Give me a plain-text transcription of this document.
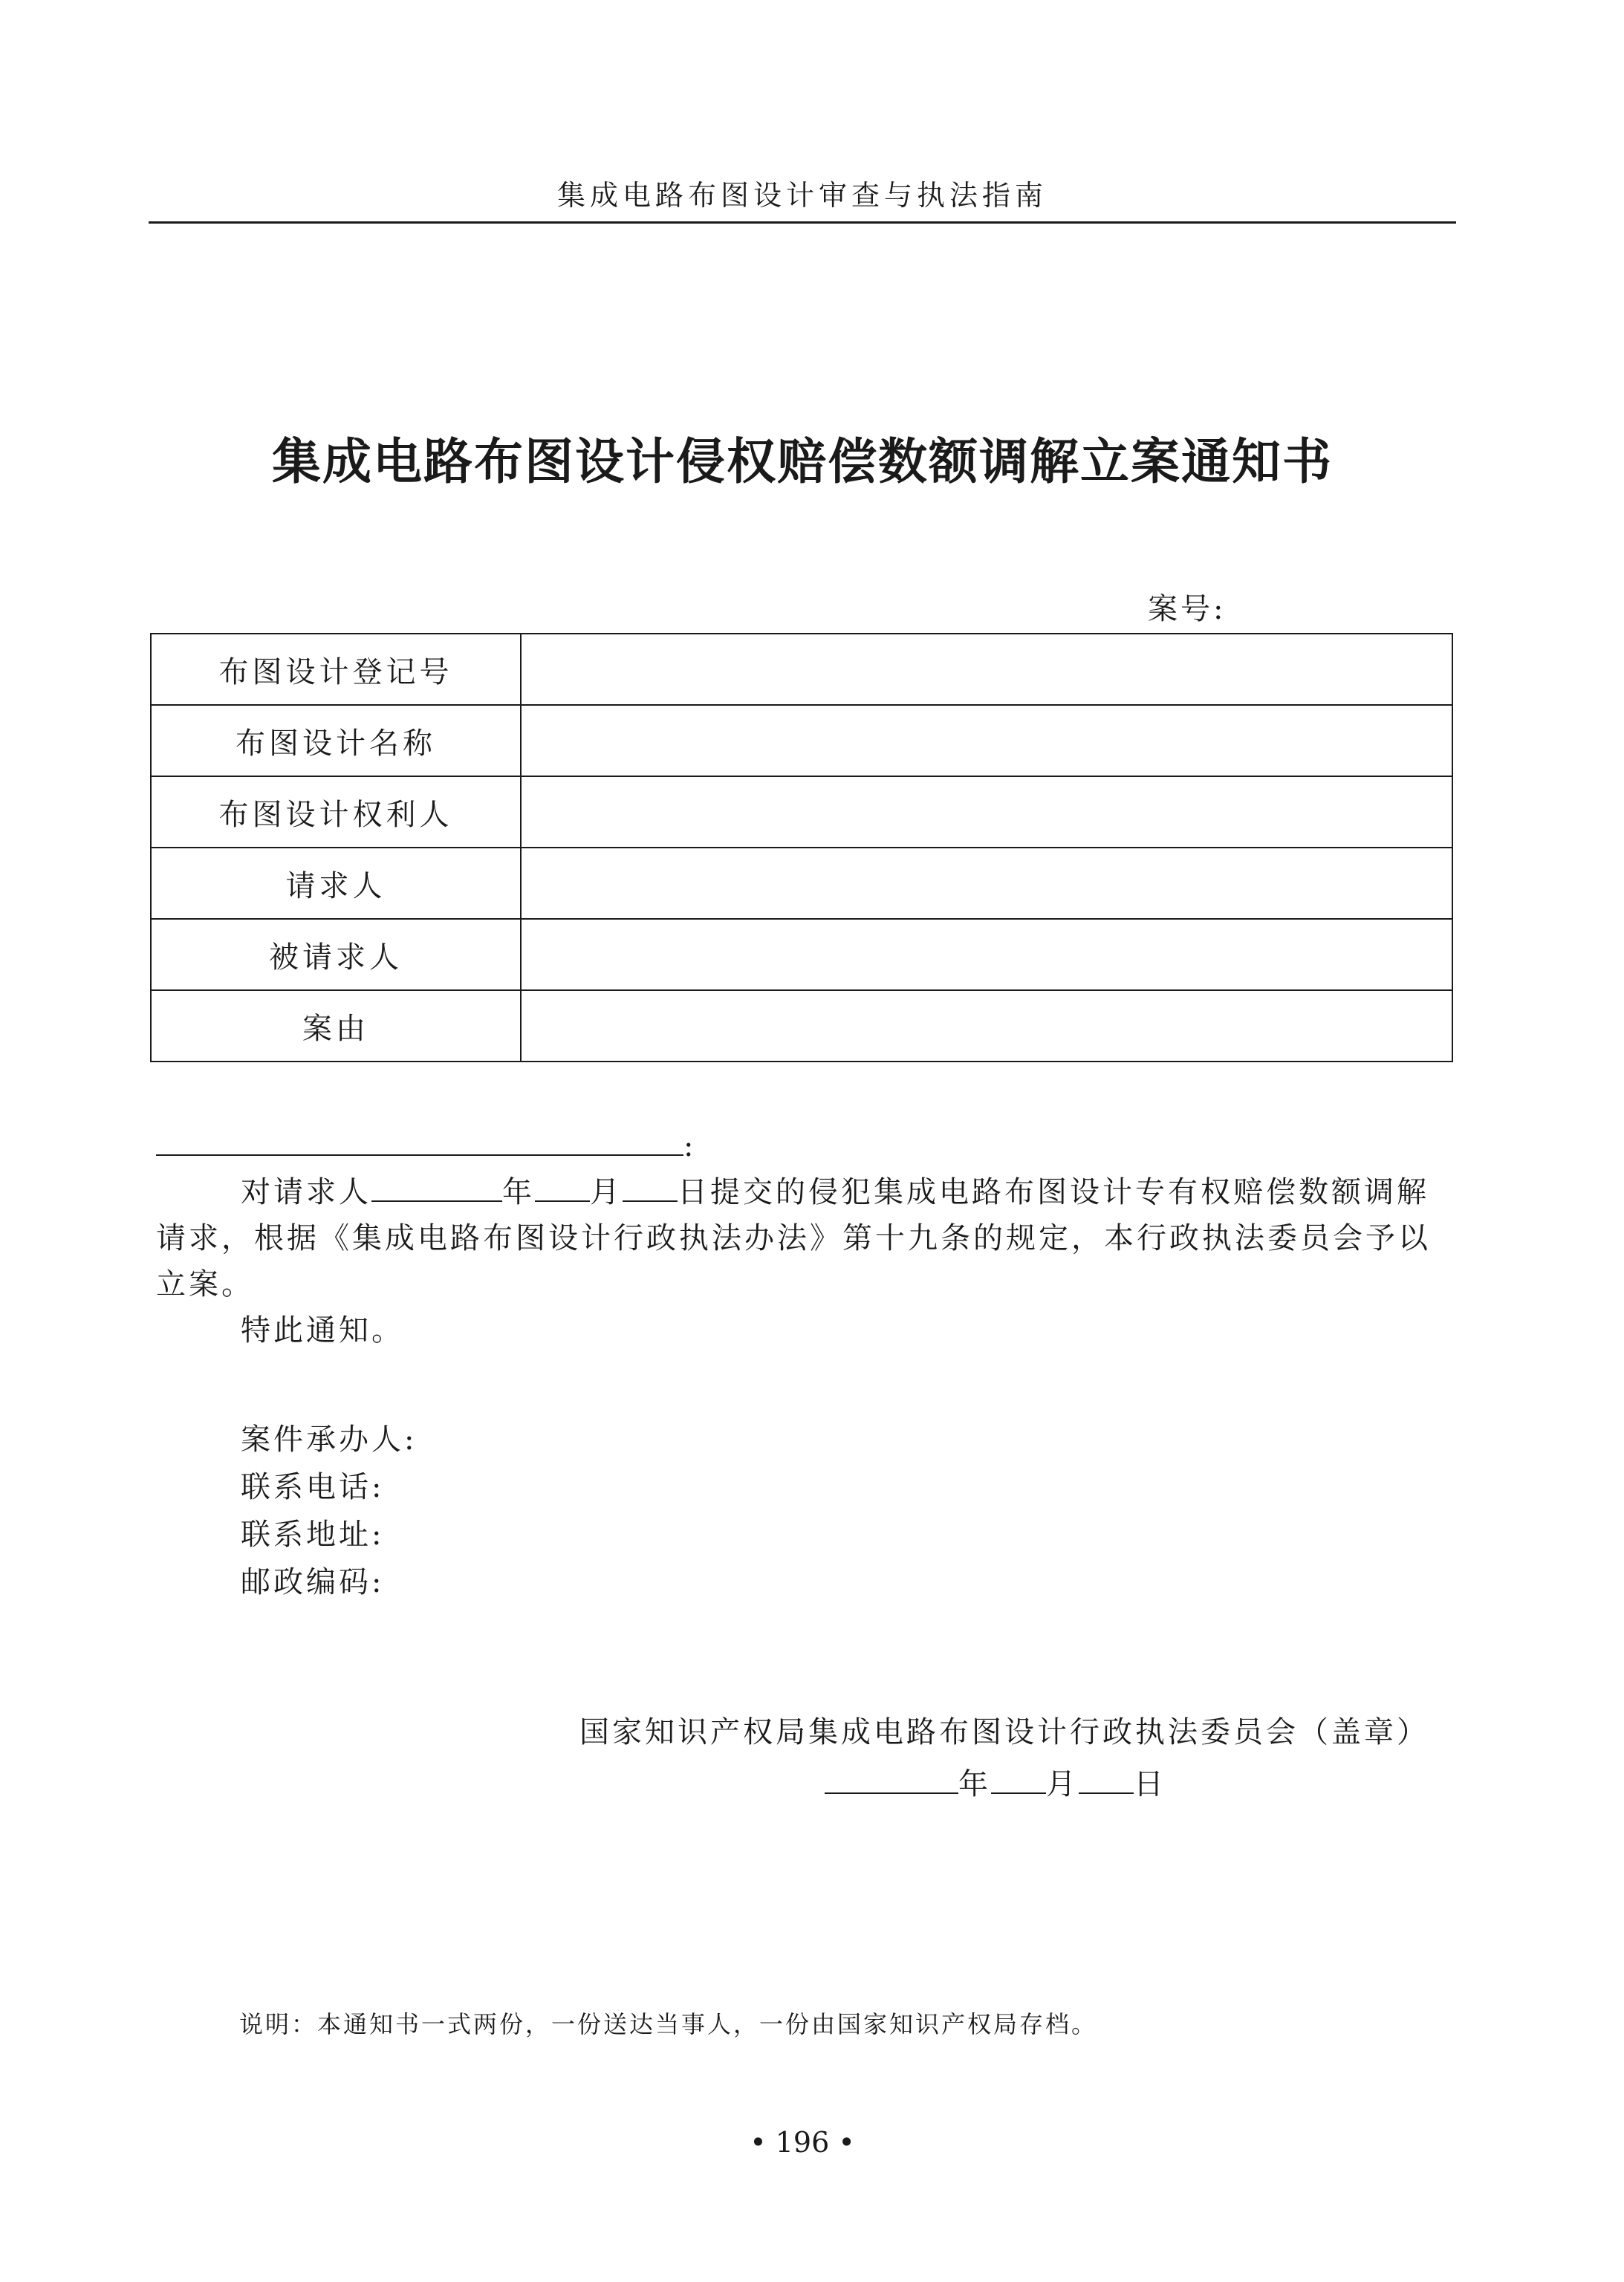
集成电路布图设计审查与执法指南
集成电路布图设计侵权赔偿数额调解立案通知书
案号:
布图设计登记号	
布图设计名称	
布图设计权利人	
请求人	
被请求人	
案由	
:
对请求人	年 月 日提交的侵犯集成电路布图设计专有权赔偿数额调解请求，根据《集成电路布图设计行政执法办法》第十九条的规定，本行政执法委员会予以立案。
特此通知。
案件承办人:
联系电话:
联系地址:
邮政编码:
国家知识产权局集成电路布图设计行政执法委员会（盖章）
年 月 日
说明：本通知书一式两份，一份送达当事人，一份由国家知识产权局存档。
• 196 •
